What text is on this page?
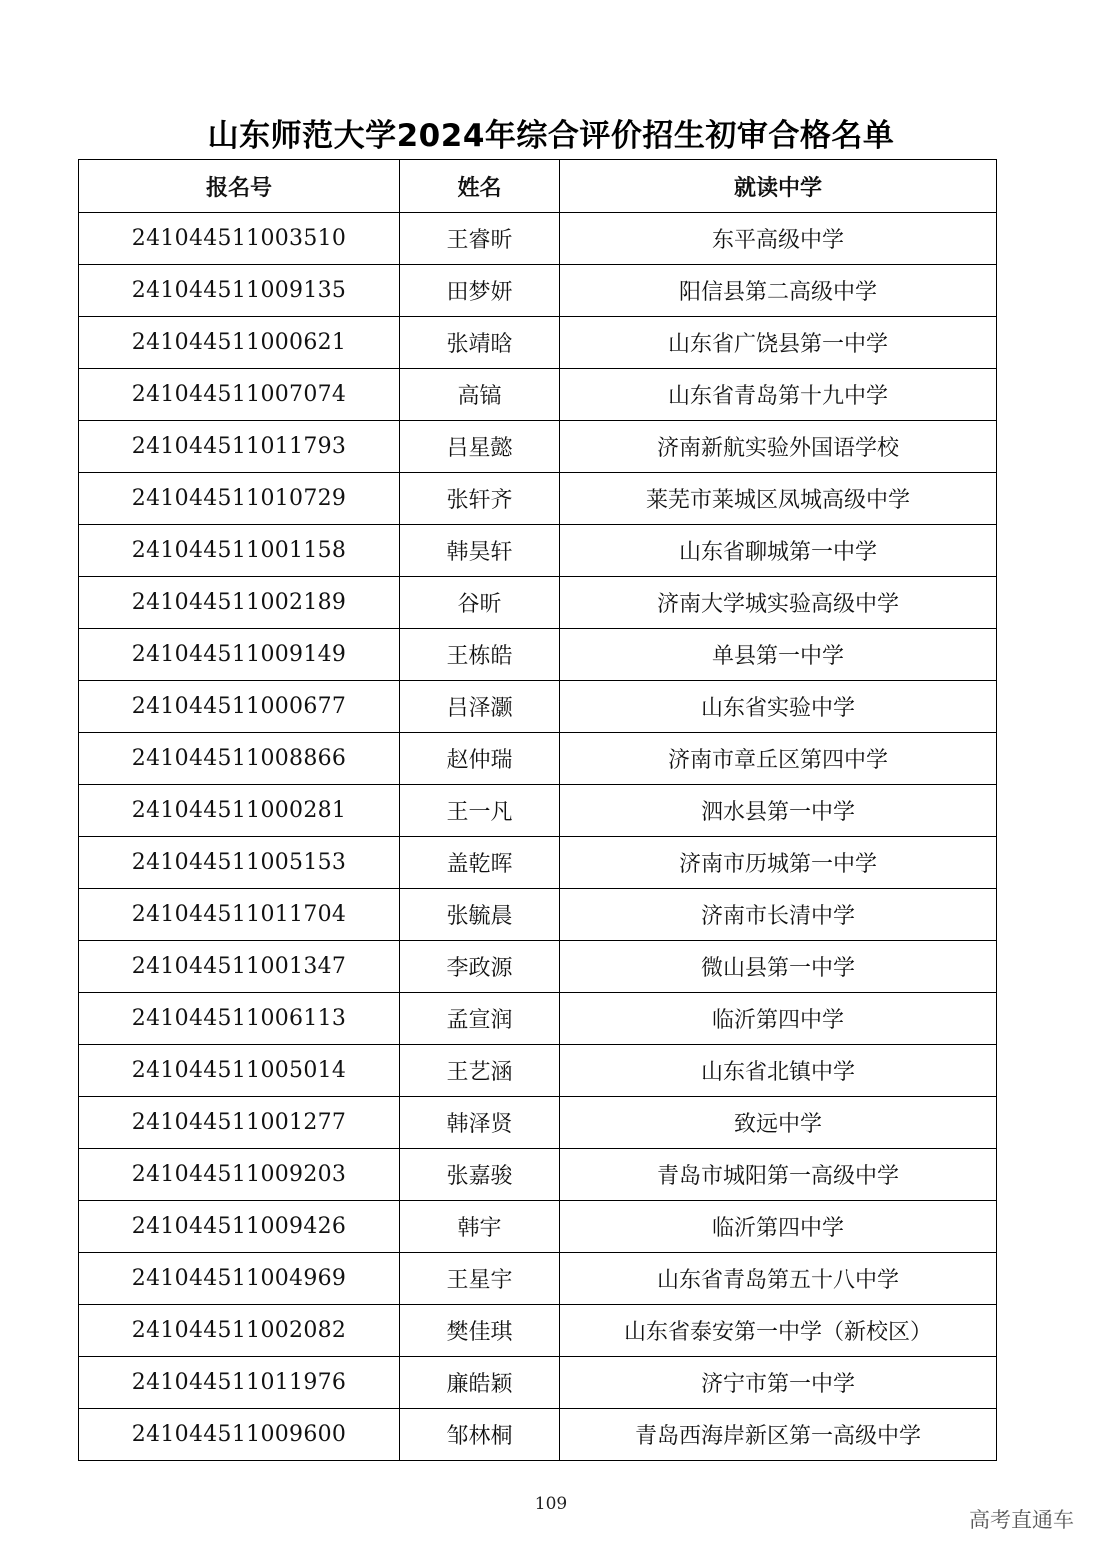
山东师范大学2024年综合评价招生初审合格名单
报名号	姓名	就读中学
241044511003510	王睿昕	东平高级中学
241044511009135	田梦妍	阳信县第二高级中学
241044511000621	张靖晗	山东省广饶县第一中学
241044511007074	高镐	山东省青岛第十九中学
241044511011793	吕星懿	济南新航实验外国语学校
241044511010729	张轩齐	莱芜市莱城区凤城高级中学
241044511001158	韩昊轩	山东省聊城第一中学
241044511002189	谷昕	济南大学城实验高级中学
241044511009149	王栋皓	单县第一中学
241044511000677	吕泽灏	山东省实验中学
241044511008866	赵仲瑞	济南市章丘区第四中学
241044511000281	王一凡	泗水县第一中学
241044511005153	盖乾晖	济南市历城第一中学
241044511011704	张毓晨	济南市长清中学
241044511001347	李政源	微山县第一中学
241044511006113	孟宣润	临沂第四中学
241044511005014	王艺涵	山东省北镇中学
241044511001277	韩泽贤	致远中学
241044511009203	张嘉骏	青岛市城阳第一高级中学
241044511009426	韩宇	临沂第四中学
241044511004969	王星宇	山东省青岛第五十八中学
241044511002082	樊佳琪	山东省泰安第一中学（新校区）
241044511011976	廉皓颖	济宁市第一中学
241044511009600	邹林桐	青岛西海岸新区第一高级中学
109
高考直通车
